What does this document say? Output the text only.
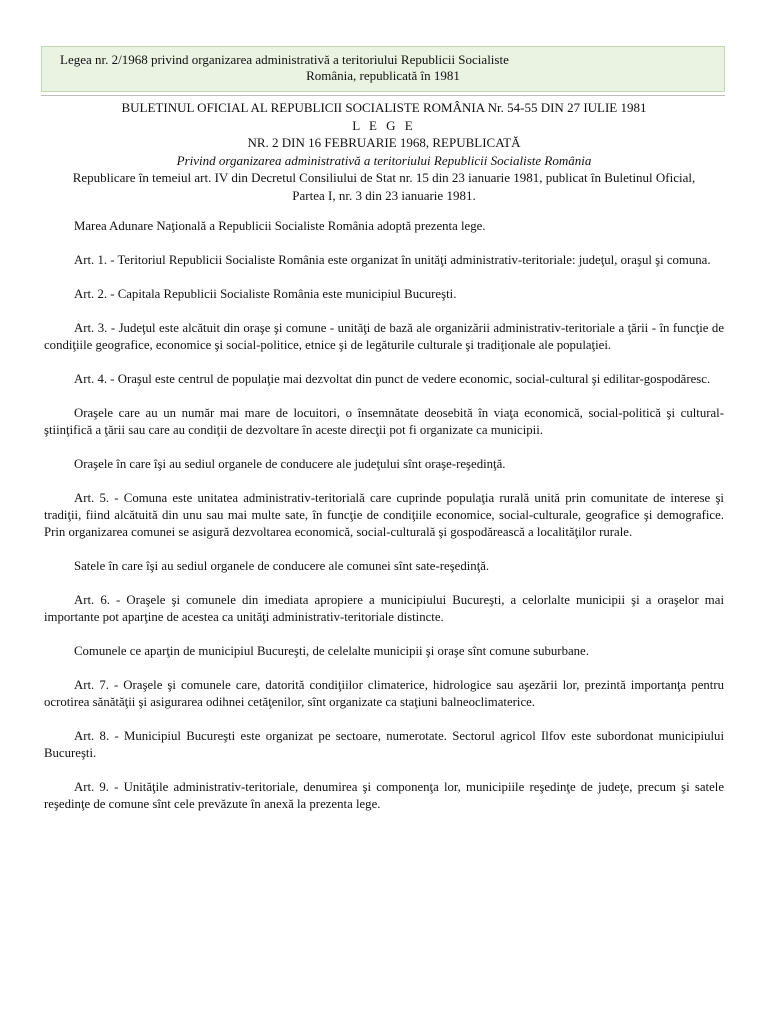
Legea nr. 2/1968 privind organizarea administrativă a teritoriului Republicii Socialiste
România, republicată în 1981
BULETINUL OFICIAL AL REPUBLICII SOCIALISTE ROMÂNIA Nr. 54-55 DIN 27 IULIE 1981
L E G E
NR. 2 DIN 16 FEBRUARIE 1968, REPUBLICATĂ
Privind organizarea administrativă a teritoriului Republicii Socialiste România
Republicare în temeiul art. IV din Decretul Consiliului de Stat nr. 15 din 23 ianuarie 1981, publicat în Buletinul Oficial,
Partea I, nr. 3 din 23 ianuarie 1981.

Marea Adunare Naţională a Republicii Socialiste România adoptă prezenta lege.

Art. 1. - Teritoriul Republicii Socialiste România este organizat în unităţi administrativ-teritoriale: judeţul, oraşul şi comuna.

Art. 2. - Capitala Republicii Socialiste România este municipiul Bucureşti.

Art. 3. - Judeţul este alcătuit din oraşe şi comune - unităţi de bază ale organizării administrativ-teritoriale a ţării - în funcţie de condiţiile geografice, economice şi social-politice, etnice şi de legăturile culturale şi tradiţionale ale populaţiei.

Art. 4. - Oraşul este centrul de populaţie mai dezvoltat din punct de vedere economic, social-cultural şi edilitar-gospodăresc.

Oraşele care au un număr mai mare de locuitori, o însemnătate deosebită în viaţa economică, social-politică şi cultural-ştiinţifică a ţării sau care au condiţii de dezvoltare în aceste direcţii pot fi organizate ca municipii.

Oraşele în care îşi au sediul organele de conducere ale judeţului sînt oraşe-reşedinţă.

Art. 5. - Comuna este unitatea administrativ-teritorială care cuprinde populaţia rurală unită prin comunitate de interese şi tradiţii, fiind alcătuită din unu sau mai multe sate, în funcţie de condiţiile economice, social-culturale, geografice şi demografice. Prin organizarea comunei se asigură dezvoltarea economică, social-culturală şi gospodărească a localităţilor rurale.

Satele în care îşi au sediul organele de conducere ale comunei sînt sate-reşedinţă.

Art. 6. - Oraşele şi comunele din imediata apropiere a municipiului Bucureşti, a celorlalte municipii şi a oraşelor mai importante pot aparţine de acestea ca unităţi administrativ-teritoriale distincte.

Comunele ce aparţin de municipiul Bucureşti, de celelalte municipii şi oraşe sînt comune suburbane.

Art. 7. - Oraşele şi comunele care, datorită condiţiilor climaterice, hidrologice sau aşezării lor, prezintă importanţa pentru ocrotirea sănătăţii şi asigurarea odihnei cetăţenilor, sînt organizate ca staţiuni balneoclimaterice.

Art. 8. - Municipiul Bucureşti este organizat pe sectoare, numerotate. Sectorul agricol Ilfov este subordonat municipiului Bucureşti.

Art. 9. - Unităţile administrativ-teritoriale, denumirea şi componenţa lor, municipiile reşedinţe de judeţe, precum şi satele reşedinţe de comune sînt cele prevăzute în anexă la prezenta lege.
